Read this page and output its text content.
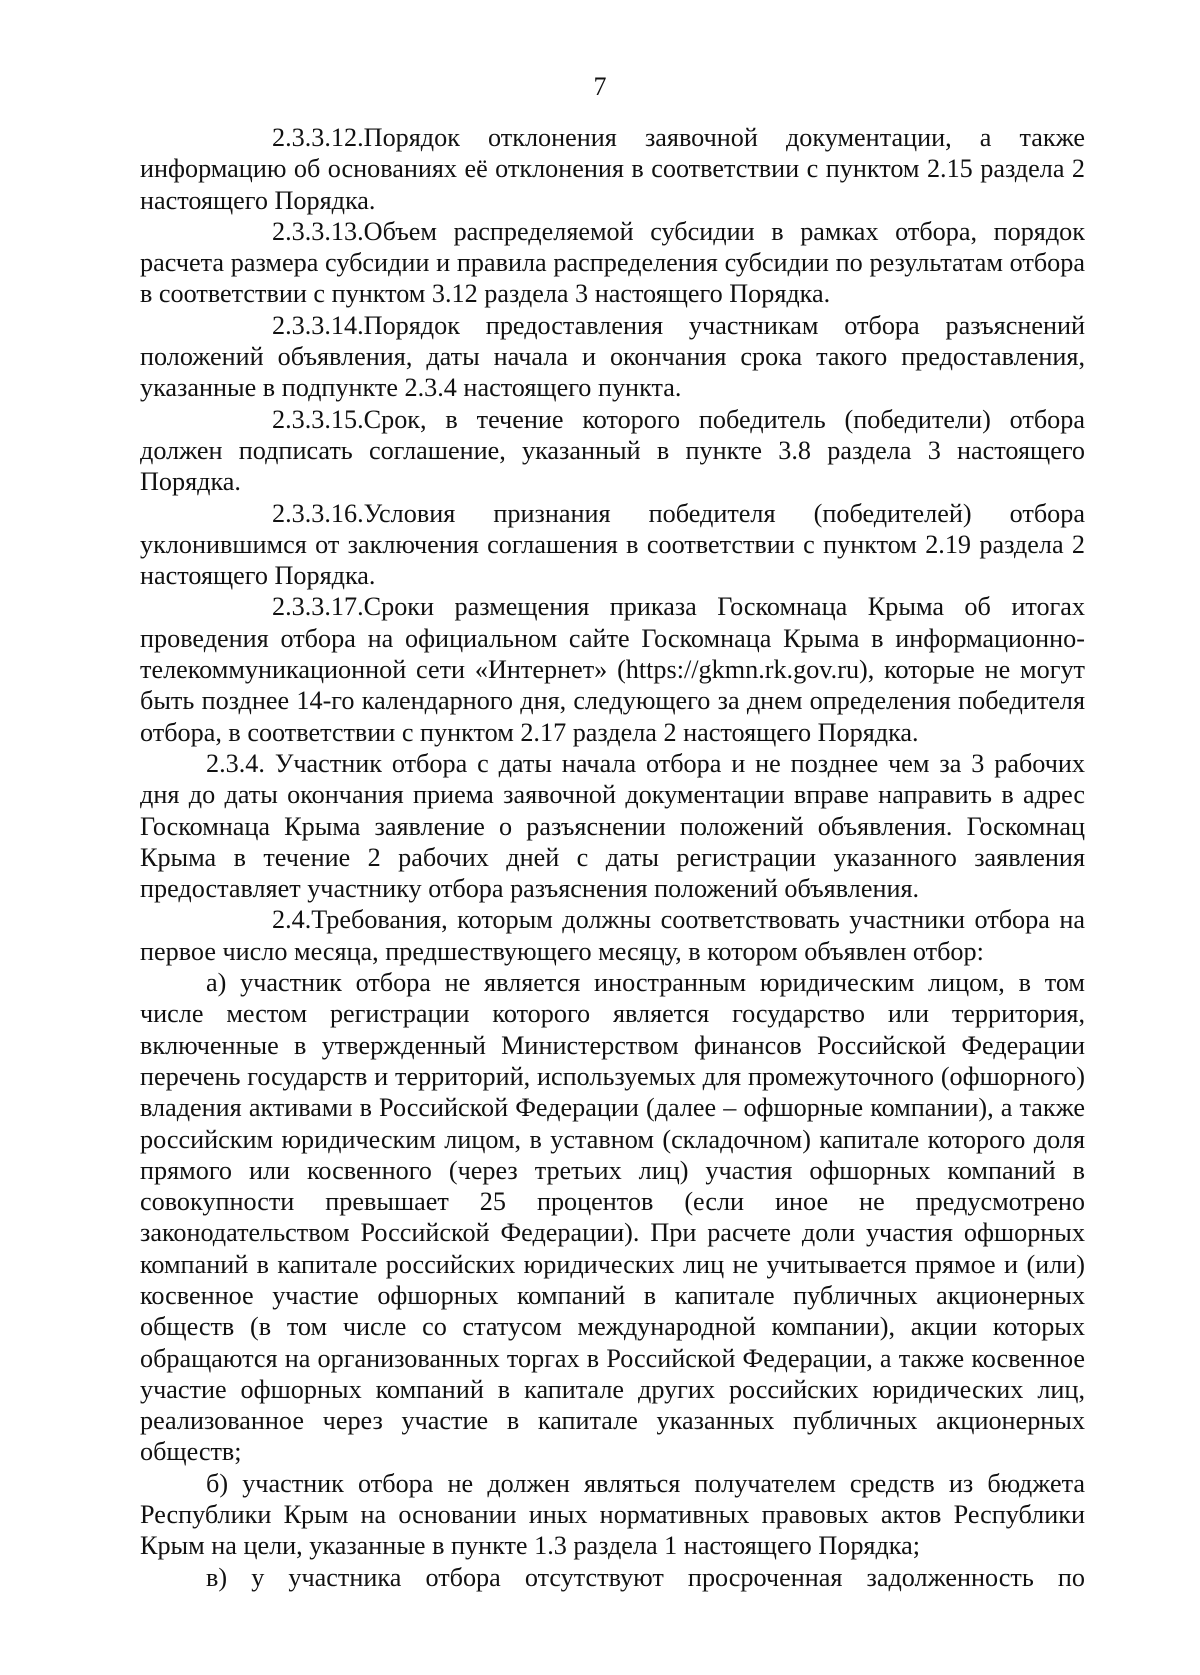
7

2.3.3.12.Порядок отклонения заявочной документации, а также информацию об основаниях её отклонения в соответствии с пунктом 2.15 раздела 2 настоящего Порядка.

2.3.3.13.Объем распределяемой субсидии в рамках отбора, порядок расчета размера субсидии и правила распределения субсидии по результатам отбора в соответствии с пунктом 3.12 раздела 3 настоящего Порядка.

2.3.3.14.Порядок предоставления участникам отбора разъяснений положений объявления, даты начала и окончания срока такого предоставления, указанные в подпункте 2.3.4 настоящего пункта.

2.3.3.15.Срок, в течение которого победитель (победители) отбора должен подписать соглашение, указанный в пункте 3.8 раздела 3 настоящего Порядка.

2.3.3.16.Условия признания победителя (победителей) отбора уклонившимся от заключения соглашения в соответствии с пунктом 2.19 раздела 2 настоящего Порядка.

2.3.3.17.Сроки размещения приказа Госкомнаца Крыма об итогах проведения отбора на официальном сайте Госкомнаца Крыма в информационно-телекоммуникационной сети «Интернет» (https://gkmn.rk.gov.ru), которые не могут быть позднее 14-го календарного дня, следующего за днем определения победителя отбора, в соответствии с пунктом 2.17 раздела 2 настоящего Порядка.

2.3.4. Участник отбора с даты начала отбора и не позднее чем за 3 рабочих дня до даты окончания приема заявочной документации вправе направить в адрес Госкомнаца Крыма заявление о разъяснении положений объявления. Госкомнац Крыма в течение 2 рабочих дней с даты регистрации указанного заявления предоставляет участнику отбора разъяснения положений объявления.

2.4.Требования, которым должны соответствовать участники отбора на первое число месяца, предшествующего месяцу, в котором объявлен отбор:

а) участник отбора не является иностранным юридическим лицом, в том числе местом регистрации которого является государство или территория, включенные в утвержденный Министерством финансов Российской Федерации перечень государств и территорий, используемых для промежуточного (офшорного) владения активами в Российской Федерации (далее – офшорные компании), а также российским юридическим лицом, в уставном (складочном) капитале которого доля прямого или косвенного (через третьих лиц) участия офшорных компаний в совокупности превышает 25 процентов (если иное не предусмотрено законодательством Российской Федерации). При расчете доли участия офшорных компаний в капитале российских юридических лиц не учитывается прямое и (или) косвенное участие офшорных компаний в капитале публичных акционерных обществ (в том числе со статусом международной компании), акции которых обращаются на организованных торгах в Российской Федерации, а также косвенное участие офшорных компаний в капитале других российских юридических лиц, реализованное через участие в капитале указанных публичных акционерных обществ;

б) участник отбора не должен являться получателем средств из бюджета Республики Крым на основании иных нормативных правовых актов Республики Крым на цели, указанные в пункте 1.3 раздела 1 настоящего Порядка;

в) у участника отбора отсутствуют просроченная задолженность по
